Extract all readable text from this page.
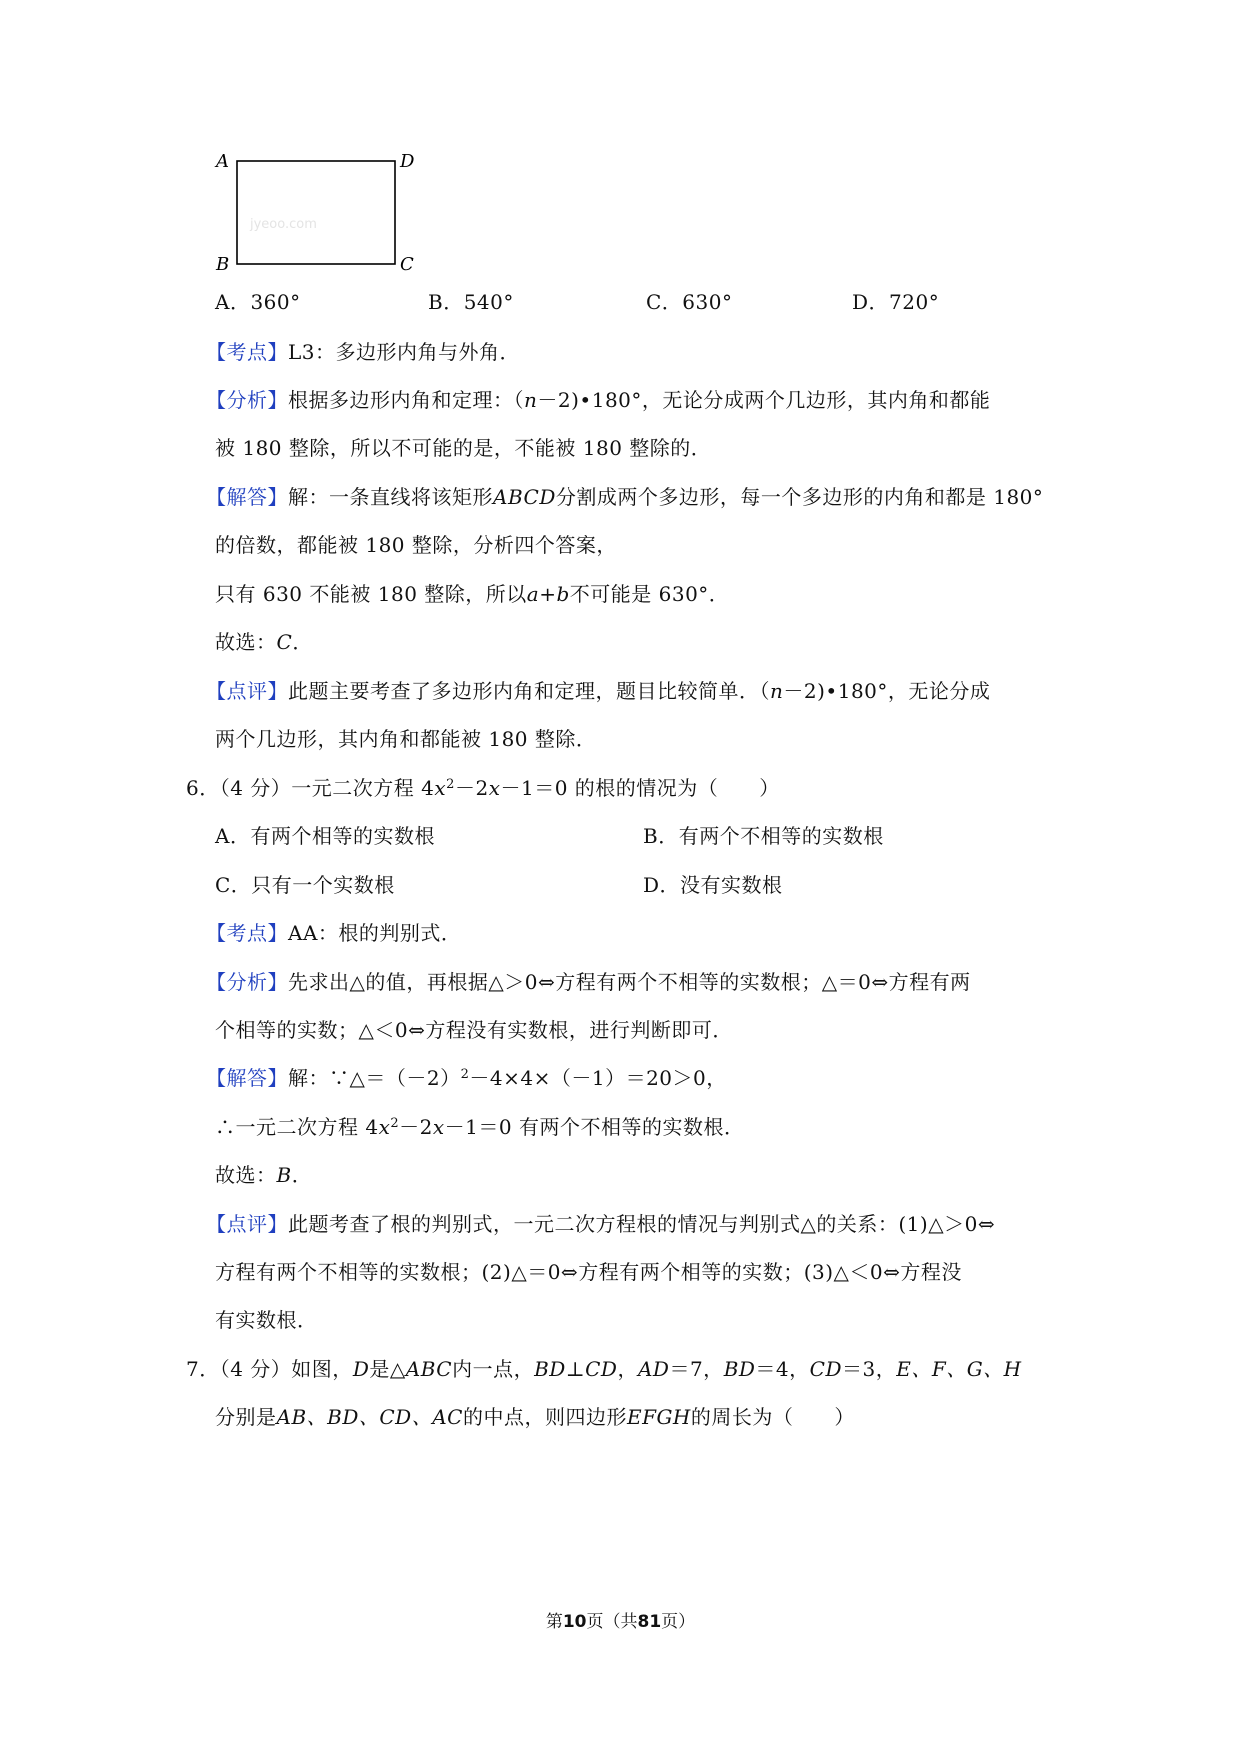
A	D
B	C
jyeoo.com
A．360°	B．540°	C．630°	D．720°
【考点】L3：多边形内角与外角．
【分析】根据多边形内角和定理：（n－2)•180°，无论分成两个几边形，其内角和都能
被 180 整除，所以不可能的是，不能被 180 整除的．
【解答】解：一条直线将该矩形ABCD分割成两个多边形，每一个多边形的内角和都是 180°
的倍数，都能被 180 整除，分析四个答案，
只有 630 不能被 180 整除，所以a+b不可能是 630°．
故选：C．
【点评】此题主要考查了多边形内角和定理，题目比较简单．（n－2)•180°，无论分成
两个几边形，其内角和都能被 180 整除．
6．（4 分）一元二次方程 $4x^2-2x-1=0$ 的根的情况为（　　）
A．有两个相等的实数根	B．有两个不相等的实数根
C．只有一个实数根	D．没有实数根
【考点】AA：根的判别式．
【分析】先求出△的值，再根据△＞0⇔方程有两个不相等的实数根；△＝0⇔方程有两
个相等的实数；△＜0⇔方程没有实数根，进行判断即可．
【解答】解：$\because\triangle=(-2)^2-4\times 4\times(-1)=20>0$，
∴一元二次方程 $4x^2-2x-1=0$ 有两个不相等的实数根．
故选：B．
【点评】此题考查了根的判别式，一元二次方程根的情况与判别式△的关系：(1)△＞0⇔
方程有两个不相等的实数根；(2)△＝0⇔方程有两个相等的实数；(3)△＜0⇔方程没
有实数根．
7．（4 分）如图，D是△ABC内一点，BD⊥CD，AD＝7，BD＝4，CD＝3，E、F、G、H
分别是AB、BD、CD、AC的中点，则四边形EFGH的周长为（　　）
第10页（共81页）
